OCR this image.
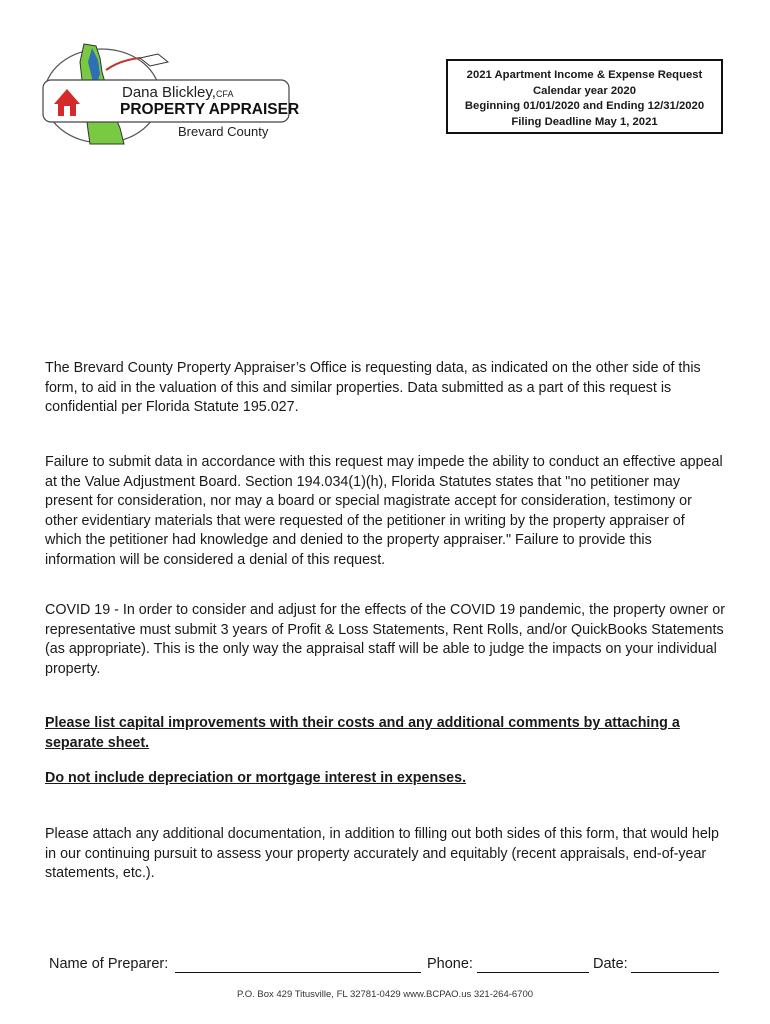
Dana Blickley,CFA
PROPERTY APPRAISER
Brevard County
2021 Apartment Income & Expense Request
Calendar year 2020
Beginning 01/01/2020 and Ending 12/31/2020
Filing Deadline May 1, 2021
The Brevard County Property Appraiser’s Office is requesting data, as indicated on the other side of this form, to aid in the valuation of this and similar properties. Data submitted as a part of this request is confidential per Florida Statute 195.027.
Failure to submit data in accordance with this request may impede the ability to conduct an effective appeal at the Value Adjustment Board. Section 194.034(1)(h), Florida Statutes states that "no petitioner may present for consideration, nor may a board or special magistrate accept for consideration, testimony or other evidentiary materials that were requested of the petitioner in writing by the property appraiser of which the petitioner had knowledge and denied to the property appraiser." Failure to provide this information will be considered a denial of this request.
COVID 19 - In order to consider and adjust for the effects of the COVID 19 pandemic, the property owner or representative must submit 3 years of Profit & Loss Statements, Rent Rolls, and/or QuickBooks Statements (as appropriate). This is the only way the appraisal staff will be able to judge the impacts on your individual property.
Please list capital improvements with their costs and any additional comments by attaching a separate sheet.
Do not include depreciation or mortgage interest in expenses.
Please attach any additional documentation, in addition to filling out both sides of this form, that would help in our continuing pursuit to assess your property accurately and equitably (recent appraisals, end-of-year statements, etc.).
Name of Preparer:	Phone:	Date:
P.O. Box 429 Titusville, FL 32781-0429 www.BCPAO.us 321-264-6700
